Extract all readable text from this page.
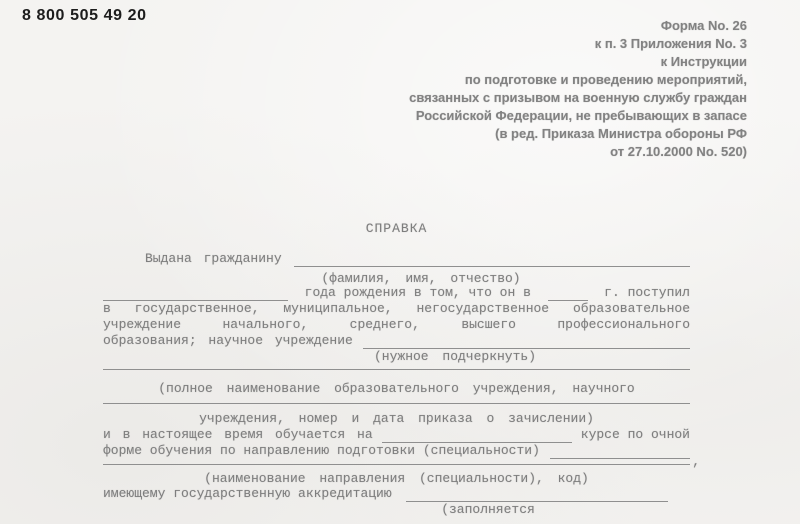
8 800 505 49 20
Форма No. 26
к п. 3 Приложения No. 3
к Инструкции
по подготовке и проведению мероприятий,
связанных с призывом на военную службу граждан
Российской Федерации, не пребывающих в запасе
(в ред. Приказа Министра обороны РФ
от 27.10.2000 No. 520)
СПРАВКА
Выдана гражданину
(фамилия, имя, отчество)
года рождения в том, что он в	г. поступил
в государственное, муниципальное, негосударственное образовательное
учреждение начального, среднего, высшего профессионального
образования; научное учреждение
(нужное подчеркнуть)
(полное наименование образовательного учреждения, научного
учреждения, номер и дата приказа о зачислении)
и в настоящее время обучается на	курсе по очной
форме обучения по направлению подготовки (специальности)
,
(наименование направления (специальности), код)
имеющему государственную аккредитацию
(заполняется
